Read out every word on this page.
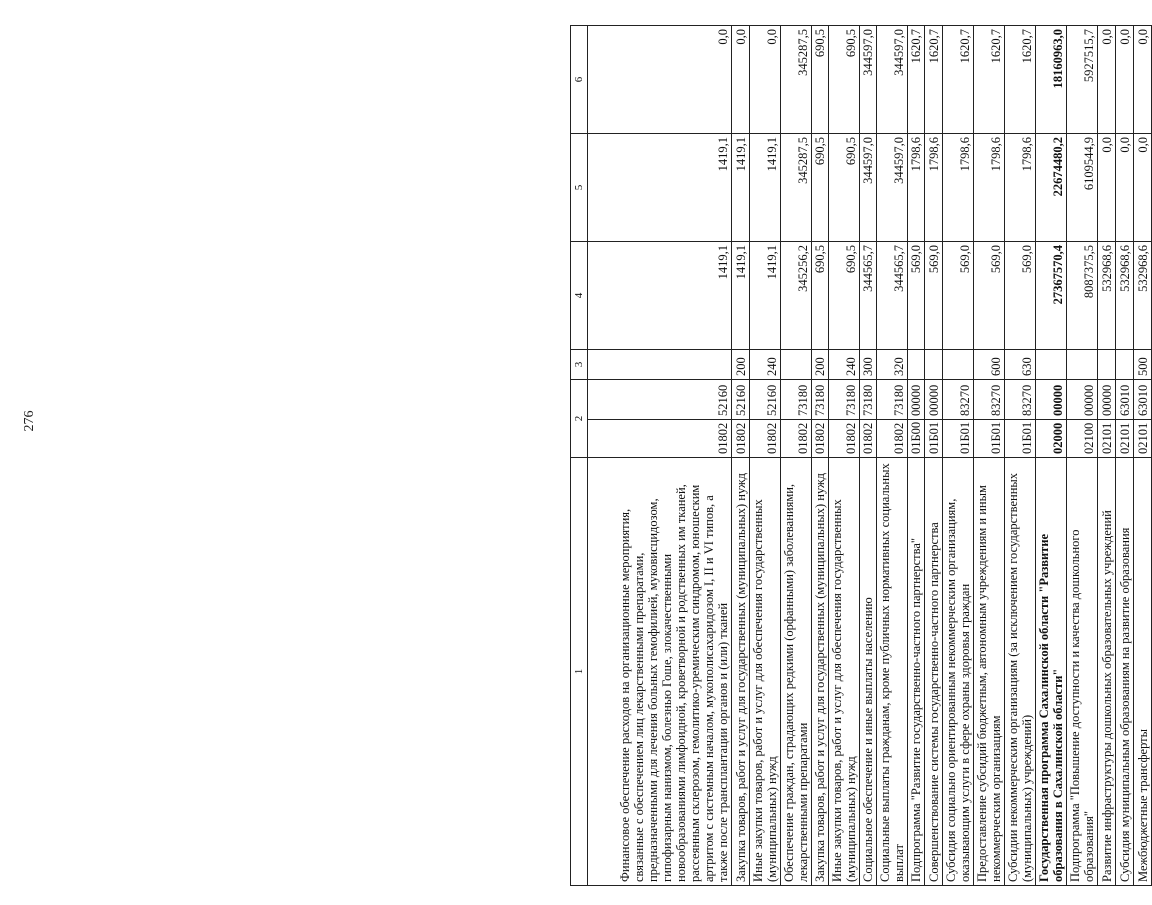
276
1	2		3	4	5	6
Финансовое обеспечение расходов на организационные мероприятия, связанные с обеспечением лиц лекарственными препаратами, предназначенными для лечения больных гемофилией, муковисцидозом, гипофизарным нанизмом, болезнью Гоше, злокачественными новообразованиями лимфоидной, кроветворной и родственных им тканей, рассеянным склерозом, гемолитико-уремическим синдромом, юношеским артритом с системным началом, мукополисахаридозом I, II и VI типов, а также после трансплантации органов и (или) тканей	01802	52160		1419,1	1419,1	0,0
Закупка товаров, работ и услуг для государственных (муниципальных) нужд	01802	52160	200	1419,1	1419,1	0,0
Иные закупки товаров, работ и услуг для обеспечения государственных (муниципальных) нужд	01802	52160	240	1419,1	1419,1	0,0
Обеспечение граждан, страдающих редкими (орфанными) заболеваниями, лекарственными препаратами	01802	73180		345256,2	345287,5	345287,5
Закупка товаров, работ и услуг для государственных (муниципальных) нужд	01802	73180	200	690,5	690,5	690,5
Иные закупки товаров, работ и услуг для обеспечения государственных (муниципальных) нужд	01802	73180	240	690,5	690,5	690,5
Социальное обеспечение и иные выплаты населению	01802	73180	300	344565,7	344597,0	344597,0
Социальные выплаты гражданам, кроме публичных нормативных социальных выплат	01802	73180	320	344565,7	344597,0	344597,0
Подпрограмма "Развитие государственно-частного партнерства"	01Б00	00000		569,0	1798,6	1620,7
Совершенствование системы государственно-частного партнерства	01Б01	00000		569,0	1798,6	1620,7
Субсидия социально ориентированным некоммерческим организациям, оказывающим услуги в сфере охраны здоровья граждан	01Б01	83270		569,0	1798,6	1620,7
Предоставление субсидий бюджетным, автономным учреждениям и иным некоммерческим организациям	01Б01	83270	600	569,0	1798,6	1620,7
Субсидии некоммерческим организациям (за исключением государственных (муниципальных) учреждений)	01Б01	83270	630	569,0	1798,6	1620,7
Государственная программа Сахалинской области "Развитие образования в Сахалинской области"	02000	00000		27367570,4	22674480,2	18160963,0
Подпрограмма "Повышение доступности и качества дошкольного образования"	02100	00000		8087375,5	6109544,9	5927515,7
Развитие инфраструктуры дошкольных образовательных учреждений	02101	00000		532968,6	0,0	0,0
Субсидия муниципальным образованиям на развитие образования	02101	63010		532968,6	0,0	0,0
Межбюджетные трансферты	02101	63010	500	532968,6	0,0	0,0
